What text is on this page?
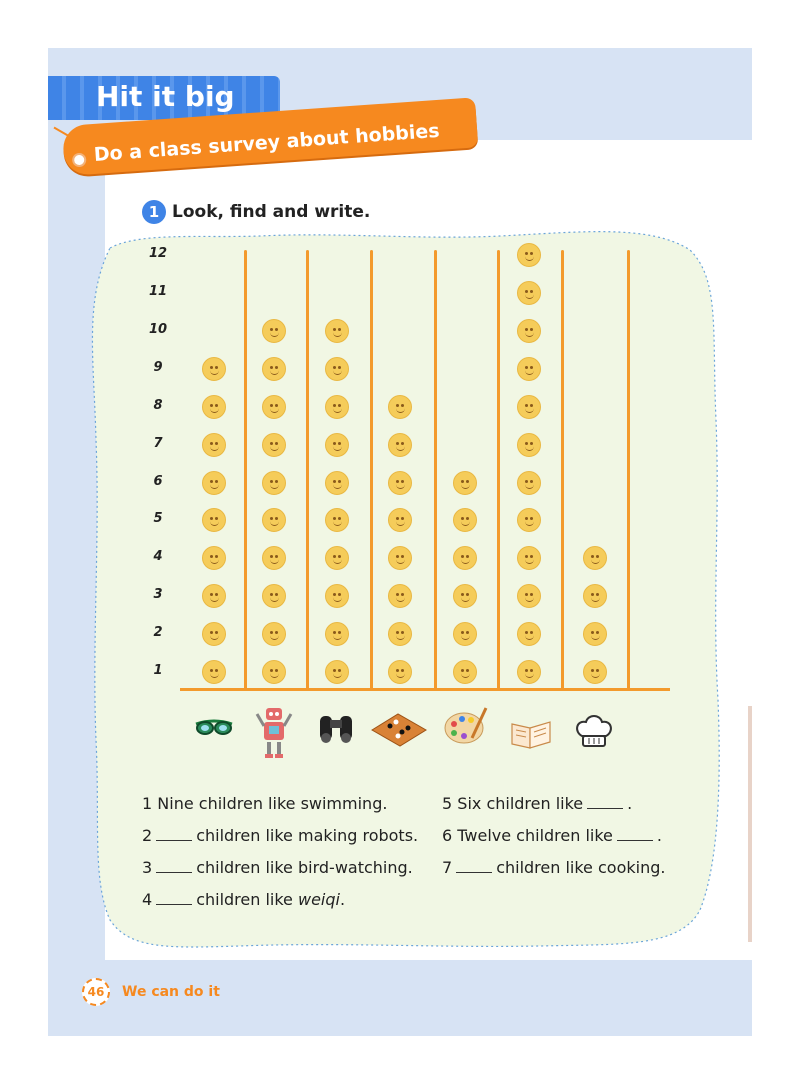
Hit it big
Do a class survey about hobbies
1 Look, find and write.
1
2
3
4
5
6
7
8
9
10
11
12
1 Nine children like swimming.
2	children like making robots.
3	children like bird-watching.
4	children like weiqi.
5 Six children like	.
6 Twelve children like	.
7	children like cooking.
46	We can do it
